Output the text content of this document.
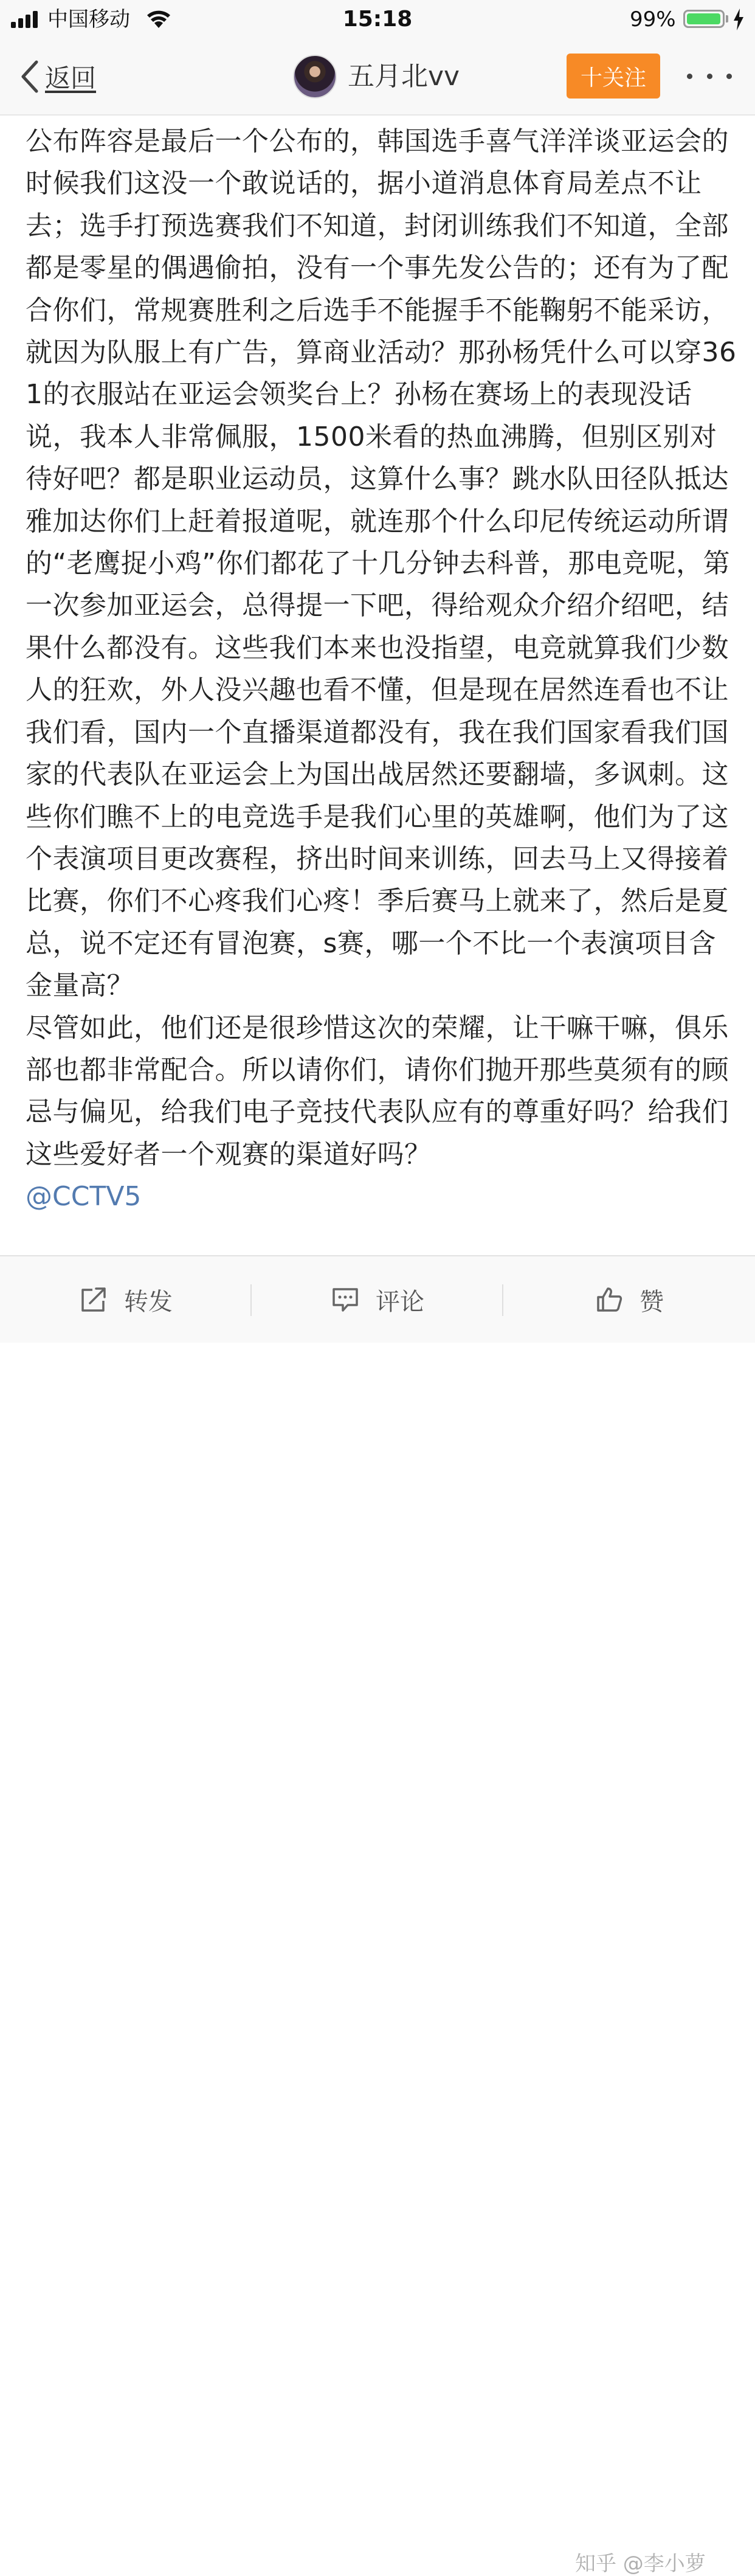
中国移动	15:18	99%
返回	五月北vv	十关注

公布阵容是最后一个公布的，韩国选手喜气洋洋谈亚运会的时候我们这没一个敢说话的，据小道消息体育局差点不让去；选手打预选赛我们不知道，封闭训练我们不知道，全部都是零星的偶遇偷拍，没有一个事先发公告的；还有为了配合你们，常规赛胜利之后选手不能握手不能鞠躬不能采访，就因为队服上有广告，算商业活动？那孙杨凭什么可以穿361的衣服站在亚运会领奖台上？孙杨在赛场上的表现没话说，我本人非常佩服，1500米看的热血沸腾，但别区别对待好吧？都是职业运动员，这算什么事？跳水队田径队抵达雅加达你们上赶着报道呢，就连那个什么印尼传统运动所谓的“老鹰捉小鸡”你们都花了十几分钟去科普，那电竞呢，第一次参加亚运会，总得提一下吧，得给观众介绍介绍吧，结果什么都没有。这些我们本来也没指望，电竞就算我们少数人的狂欢，外人没兴趣也看不懂，但是现在居然连看也不让我们看，国内一个直播渠道都没有，我在我们国家看我们国家的代表队在亚运会上为国出战居然还要翻墙，多讽刺。这些你们瞧不上的电竞选手是我们心里的英雄啊，他们为了这个表演项目更改赛程，挤出时间来训练，回去马上又得接着比赛，你们不心疼我们心疼！季后赛马上就来了，然后是夏总，说不定还有冒泡赛，s赛，哪一个不比一个表演项目含金量高？

尽管如此，他们还是很珍惜这次的荣耀，让干嘛干嘛，俱乐部也都非常配合。所以请你们，请你们抛开那些莫须有的顾忌与偏见，给我们电子竞技代表队应有的尊重好吗？给我们这些爱好者一个观赛的渠道好吗？

@CCTV5
转发	评论	赞
知乎 @李小萝
